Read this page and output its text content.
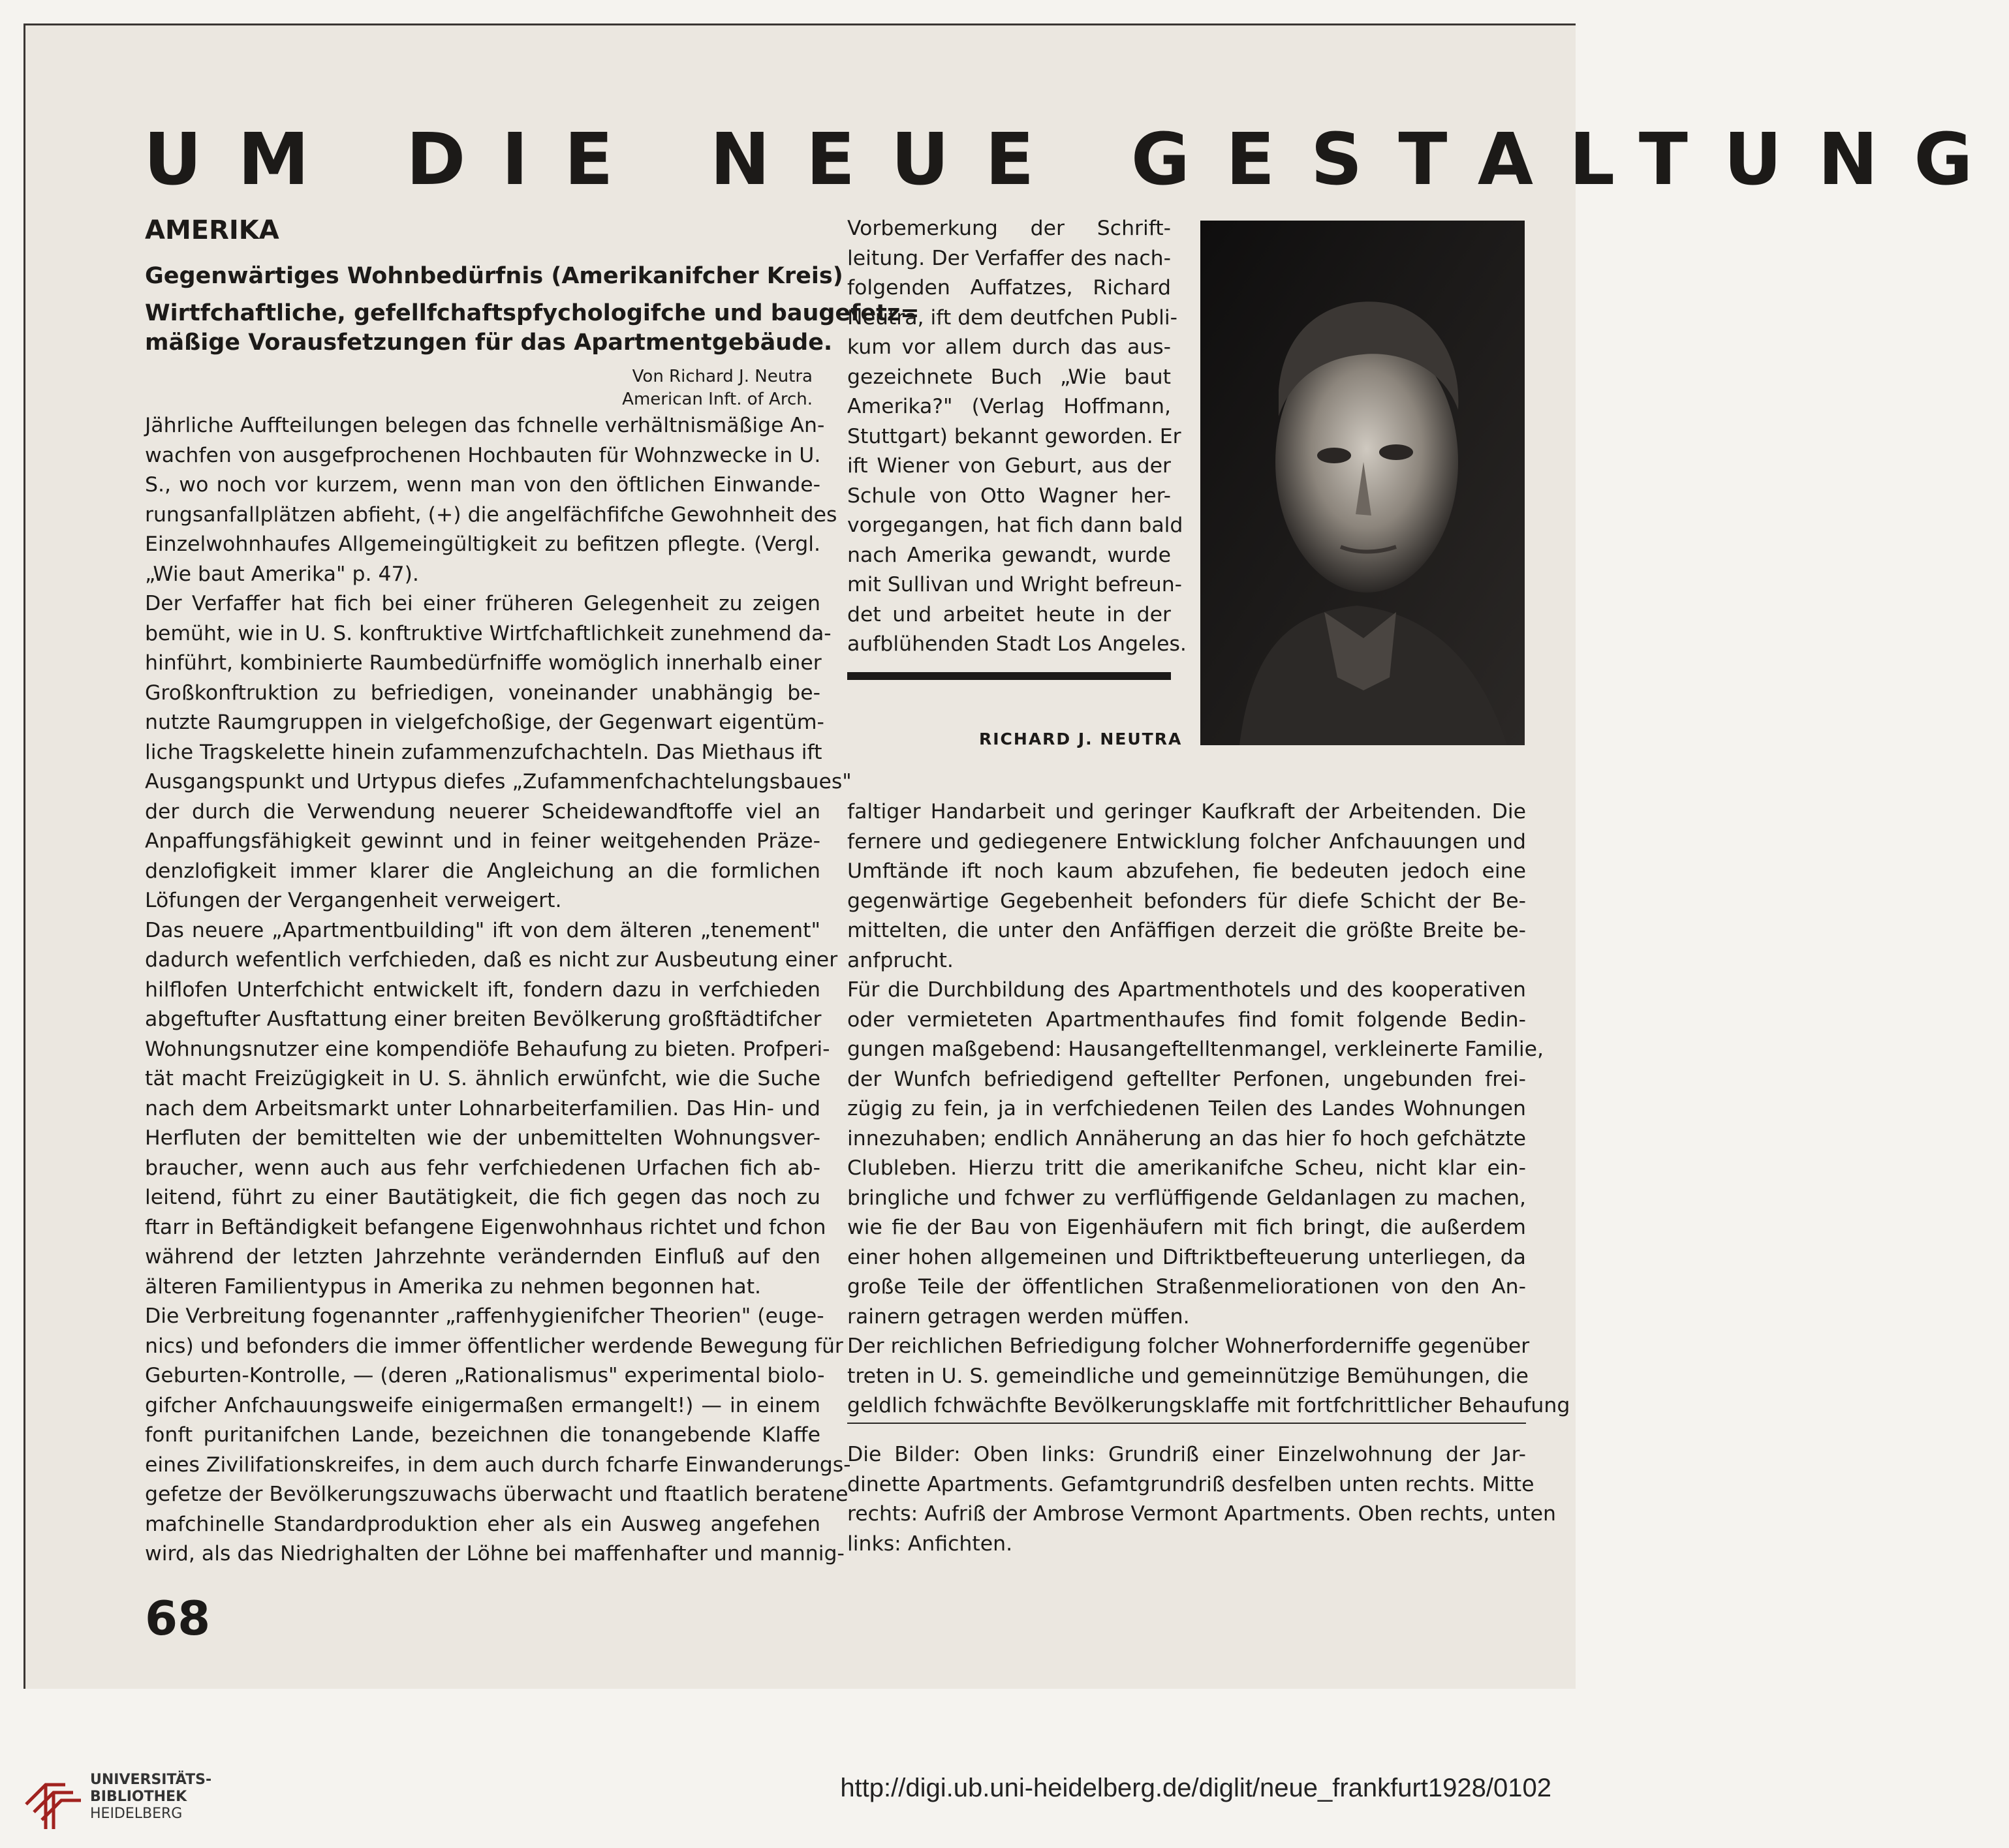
UM DIE NEUE GESTALTUNG
AMERIKA
Gegenwärtiges Wohnbedürfnis (Amerikanifcher Kreis)
Wirtfchaftliche, gefellfchaftspfychologifche und baugefetz=
mäßige Vorausfetzungen für das Apartmentgebäude.
Von Richard J. Neutra
American Inft. of Arch.

Jährliche Auffteilungen belegen das fchnelle verhältnismäßige An-

wachfen von ausgefprochenen Hochbauten für Wohnzwecke in U.

S., wo noch vor kurzem, wenn man von den öftlichen Einwande-

rungsanfallplätzen abfieht, (+) die angelfächfifche Gewohnheit des

Einzelwohnhaufes Allgemeingültigkeit zu befitzen pflegte. (Vergl.

„Wie baut Amerika" p. 47).

Der Verfaffer hat fich bei einer früheren Gelegenheit zu zeigen

bemüht, wie in U. S. konftruktive Wirtfchaftlichkeit zunehmend da-

hinführt, kombinierte Raumbedürfniffe womöglich innerhalb einer

Großkonftruktion zu befriedigen, voneinander unabhängig be-

nutzte Raumgruppen in vielgefchoßige, der Gegenwart eigentüm-

liche Tragskelette hinein zufammenzufchachteln. Das Miethaus ift

Ausgangspunkt und Urtypus diefes „Zufammenfchachtelungsbaues"

der durch die Verwendung neuerer Scheidewandftoffe viel an

Anpaffungsfähigkeit gewinnt und in feiner weitgehenden Präze-

denzlofigkeit immer klarer die Angleichung an die formlichen

Löfungen der Vergangenheit verweigert.

Das neuere „Apartmentbuilding" ift von dem älteren „tenement"

dadurch wefentlich verfchieden, daß es nicht zur Ausbeutung einer

hilflofen Unterfchicht entwickelt ift, fondern dazu in verfchieden

abgeftufter Ausftattung einer breiten Bevölkerung großftädtifcher

Wohnungsnutzer eine kompendiöfe Behaufung zu bieten. Profperi-

tät macht Freizügigkeit in U. S. ähnlich erwünfcht, wie die Suche

nach dem Arbeitsmarkt unter Lohnarbeiterfamilien. Das Hin- und

Herfluten der bemittelten wie der unbemittelten Wohnungsver-

braucher, wenn auch aus fehr verfchiedenen Urfachen fich ab-

leitend, führt zu einer Bautätigkeit, die fich gegen das noch zu

ftarr in Beftändigkeit befangene Eigenwohnhaus richtet und fchon

während der letzten Jahrzehnte verändernden Einfluß auf den

älteren Familientypus in Amerika zu nehmen begonnen hat.

Die Verbreitung fogenannter „raffenhygienifcher Theorien" (euge-

nics) und befonders die immer öffentlicher werdende Bewegung für

Geburten-Kontrolle, — (deren „Rationalismus" experimental biolo-

gifcher Anfchauungsweife einigermaßen ermangelt!) — in einem

fonft puritanifchen Lande, bezeichnen die tonangebende Klaffe

eines Zivilifationskreifes, in dem auch durch fcharfe Einwanderungs-

gefetze der Bevölkerungszuwachs überwacht und ftaatlich beratene

mafchinelle Standardproduktion eher als ein Ausweg angefehen

wird, als das Niedrighalten der Löhne bei maffenhafter und mannig-

Vorbemerkung der Schrift-

leitung. Der Verfaffer des nach-

folgenden Auffatzes, Richard

Neutra, ift dem deutfchen Publi-

kum vor allem durch das aus-

gezeichnete Buch „Wie baut

Amerika?" (Verlag Hoffmann,

Stuttgart) bekannt geworden. Er

ift Wiener von Geburt, aus der

Schule von Otto Wagner her-

vorgegangen, hat fich dann bald

nach Amerika gewandt, wurde

mit Sullivan und Wright befreun-

det und arbeitet heute in der

aufblühenden Stadt Los Angeles.

RICHARD J. NEUTRA

faltiger Handarbeit und geringer Kaufkraft der Arbeitenden. Die

fernere und gediegenere Entwicklung folcher Anfchauungen und

Umftände ift noch kaum abzufehen, fie bedeuten jedoch eine

gegenwärtige Gegebenheit befonders für diefe Schicht der Be-

mittelten, die unter den Anfäffigen derzeit die größte Breite be-

anfprucht.

Für die Durchbildung des Apartmenthotels und des kooperativen

oder vermieteten Apartmenthaufes find fomit folgende Bedin-

gungen maßgebend: Hausangeftelltenmangel, verkleinerte Familie,

der Wunfch befriedigend geftellter Perfonen, ungebunden frei-

zügig zu fein, ja in verfchiedenen Teilen des Landes Wohnungen

innezuhaben; endlich Annäherung an das hier fo hoch gefchätzte

Clubleben. Hierzu tritt die amerikanifche Scheu, nicht klar ein-

bringliche und fchwer zu verflüffigende Geldanlagen zu machen,

wie fie der Bau von Eigenhäufern mit fich bringt, die außerdem

einer hohen allgemeinen und Diftriktbefteuerung unterliegen, da

große Teile der öffentlichen Straßenmeliorationen von den An-

rainern getragen werden müffen.

Der reichlichen Befriedigung folcher Wohnerforderniffe gegenüber

treten in U. S. gemeindliche und gemeinnützige Bemühungen, die

geldlich fchwächfte Bevölkerungsklaffe mit fortfchrittlicher Behaufung

Die Bilder: Oben links: Grundriß einer Einzelwohnung der Jar-

dinette Apartments. Gefamtgrundriß desfelben unten rechts. Mitte

rechts: Aufriß der Ambrose Vermont Apartments. Oben rechts, unten

links: Anfichten.

68
UNIVERSITÄTS-
BIBLIOTHEK
HEIDELBERG
http://digi.ub.uni-heidelberg.de/diglit/neue_frankfurt1928/0102
